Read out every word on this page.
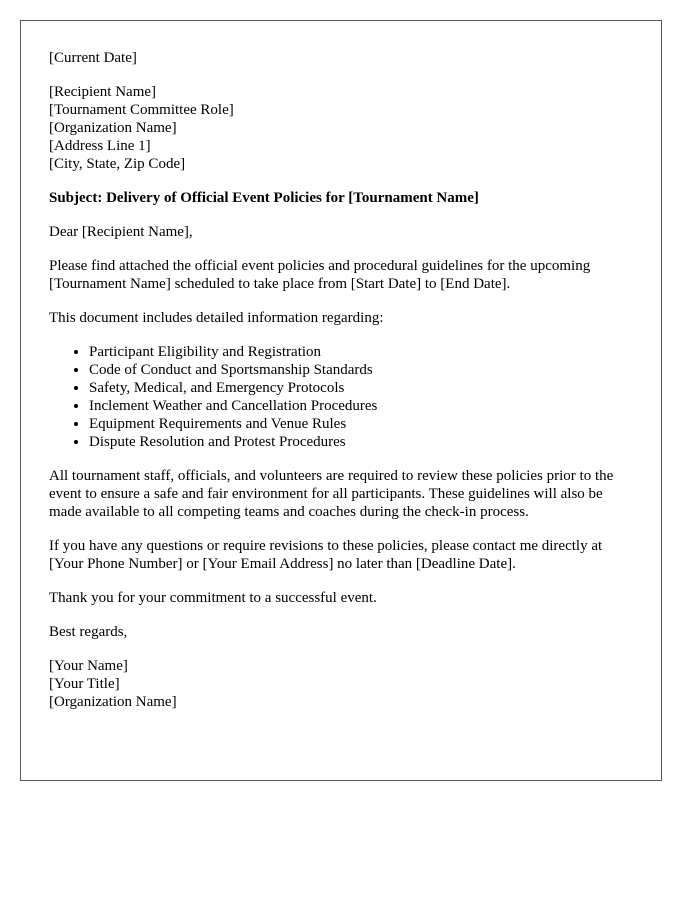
[Current Date]

[Recipient Name]
[Tournament Committee Role]
[Organization Name]
[Address Line 1]
[City, State, Zip Code]

Subject: Delivery of Official Event Policies for [Tournament Name]

Dear [Recipient Name],

Please find attached the official event policies and procedural guidelines for the upcoming [Tournament Name] scheduled to take place from [Start Date] to [End Date].

This document includes detailed information regarding:

• Participant Eligibility and Registration
• Code of Conduct and Sportsmanship Standards
• Safety, Medical, and Emergency Protocols
• Inclement Weather and Cancellation Procedures
• Equipment Requirements and Venue Rules
• Dispute Resolution and Protest Procedures

All tournament staff, officials, and volunteers are required to review these policies prior to the event to ensure a safe and fair environment for all participants. These guidelines will also be made available to all competing teams and coaches during the check-in process.

If you have any questions or require revisions to these policies, please contact me directly at [Your Phone Number] or [Your Email Address] no later than [Deadline Date].

Thank you for your commitment to a successful event.

Best regards,

[Your Name]
[Your Title]
[Organization Name]
